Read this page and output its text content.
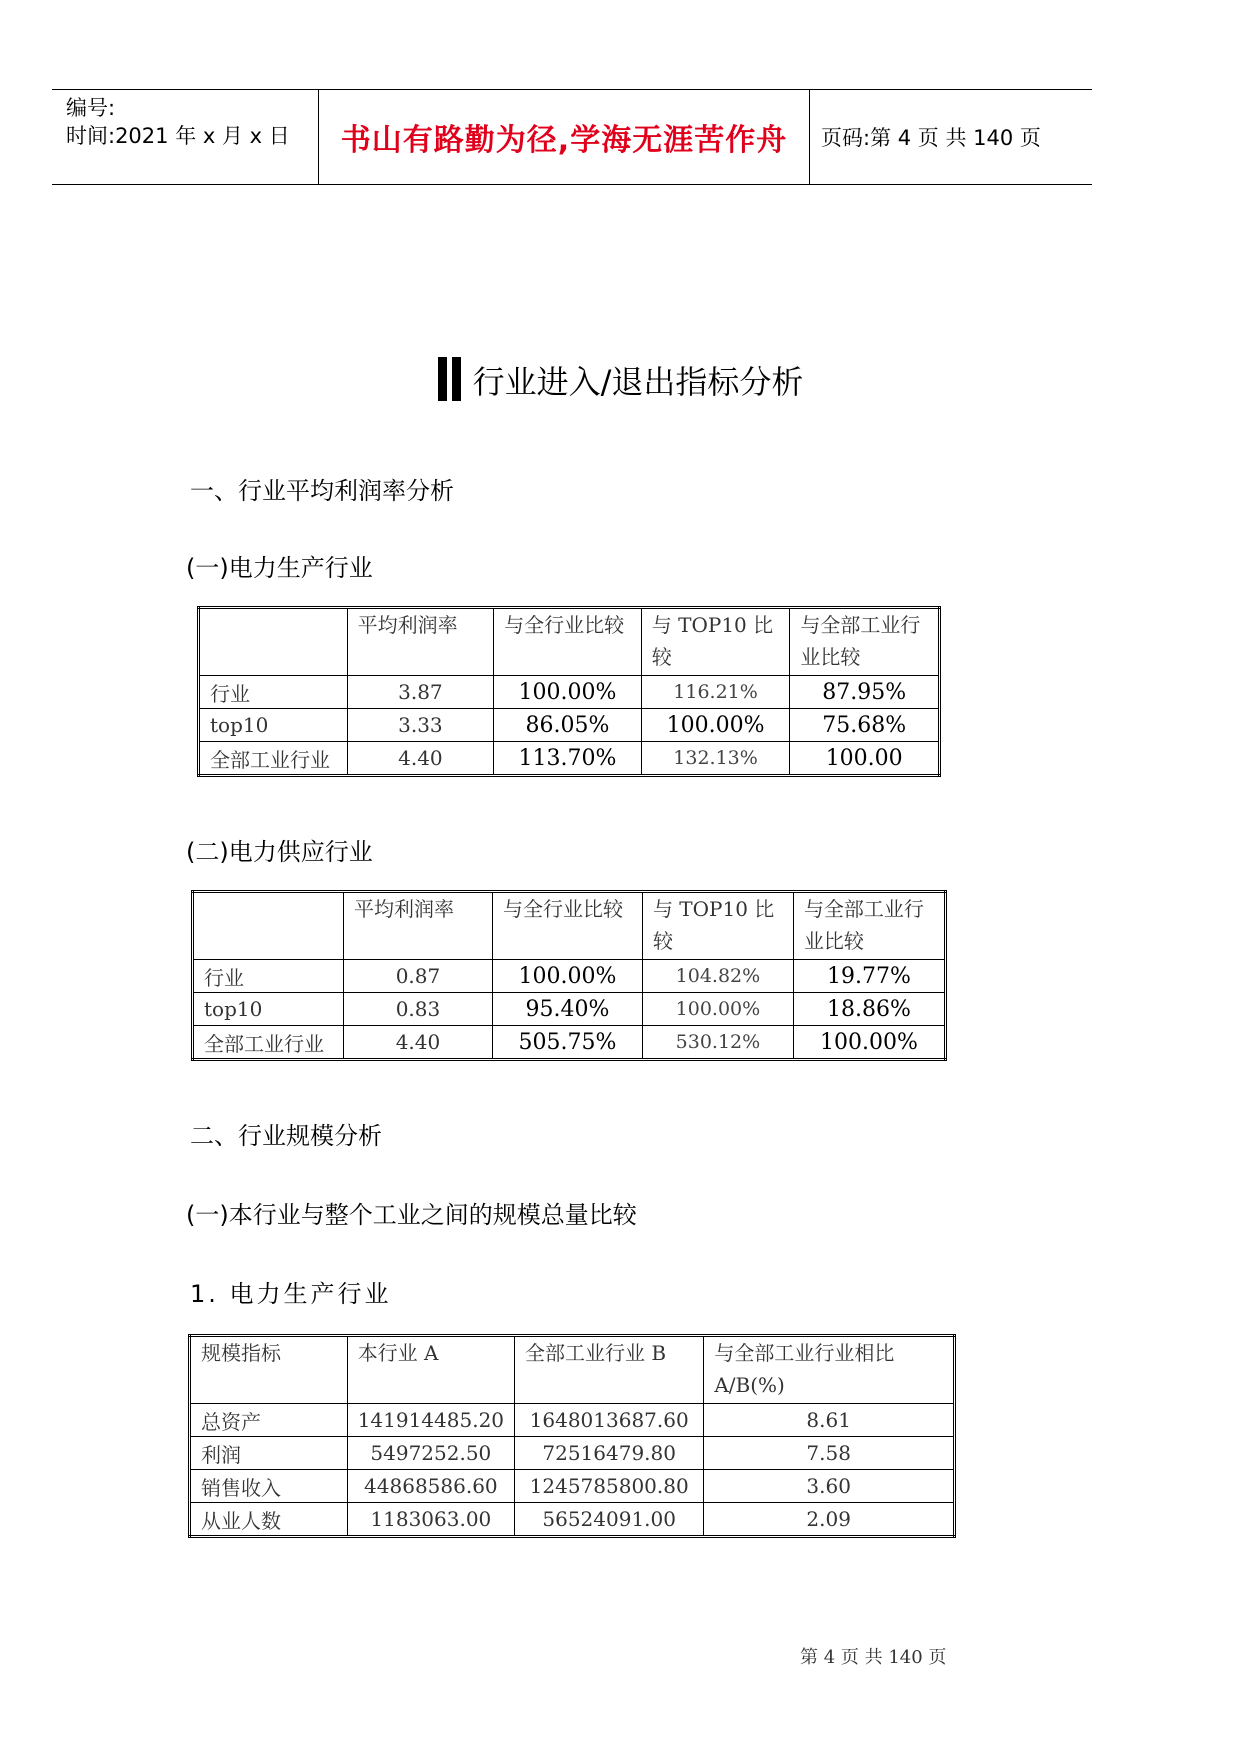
编号:
时间:2021 年 x 月 x 日	书山有路勤为径,学海无涯苦作舟	页码:第 4 页 共 140 页
行业进入/退出指标分析
一、行业平均利润率分析
(一)电力生产行业
	平均利润率	与全行业比较	与 TOP10 比较	与全部工业行业比较
行业	3.87	100.00%	116.21%	87.95%
top10	3.33	86.05%	100.00%	75.68%
全部工业行业	4.40	113.70%	132.13%	100.00
(二)电力供应行业
	平均利润率	与全行业比较	与 TOP10 比较	与全部工业行业比较
行业	0.87	100.00%	104.82%	19.77%
top10	0.83	95.40%	100.00%	18.86%
全部工业行业	4.40	505.75%	530.12%	100.00%
二、行业规模分析
(一)本行业与整个工业之间的规模总量比较
1. 电力生产行业
规模指标	本行业 A	全部工业行业 B	与全部工业行业相比 A/B(%)
总资产	141914485.20	1648013687.60	8.61
利润	5497252.50	72516479.80	7.58
销售收入	44868586.60	1245785800.80	3.60
从业人数	1183063.00	56524091.00	2.09
第 4 页 共 140 页
